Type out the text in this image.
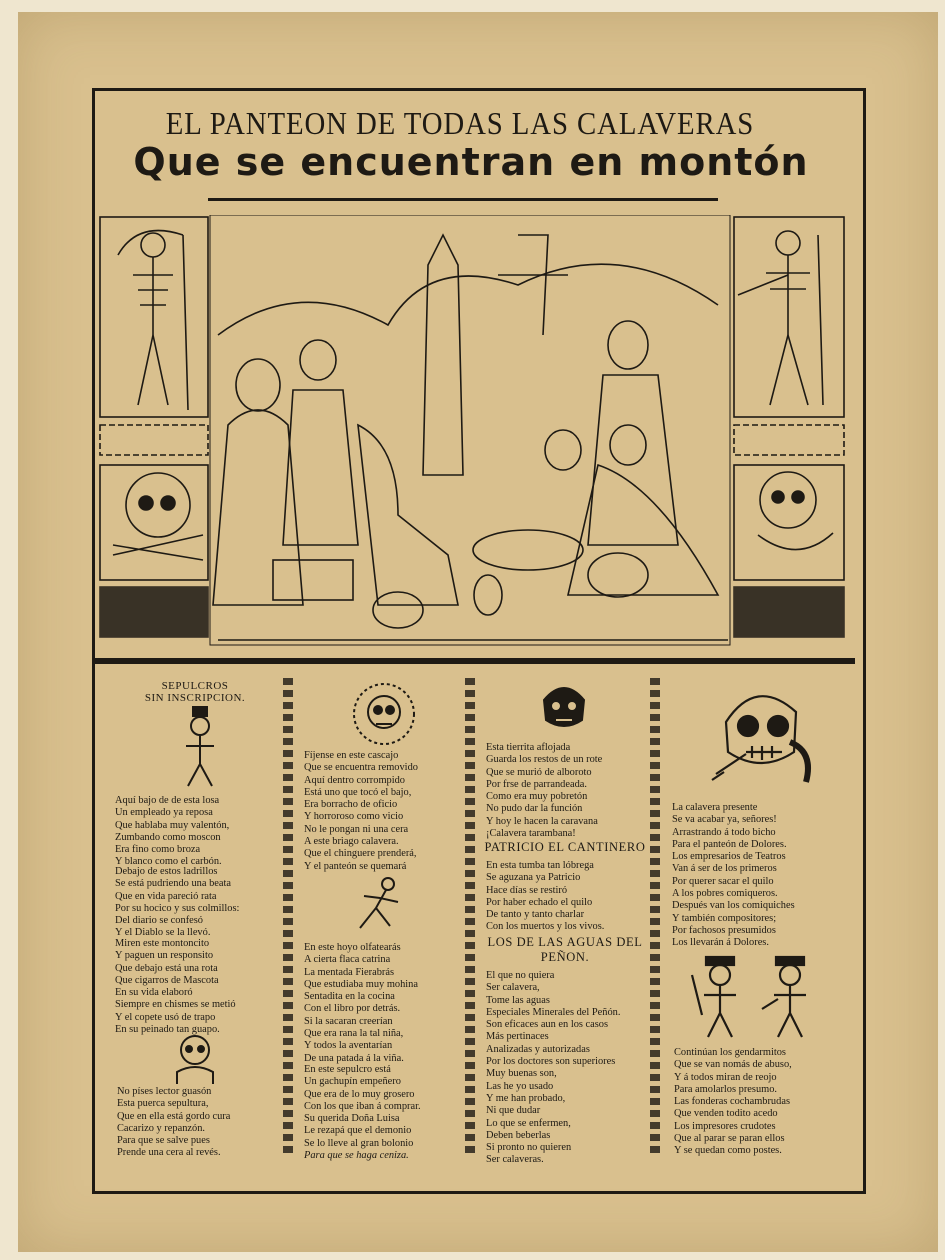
EL PANTEON DE TODAS LAS CALAVERAS
Que se encuentran en montón
SEPULCROS
SIN INSCRIPCION.
Aquí bajo de de esta losa
Un empleado ya reposa
Que hablaba muy valentón,
Zumbando como moscon
Era fino como broza
Y blanco como el carbón.
Debajo de estos ladrillos
Se está pudriendo una beata
Que en vida pareció rata
Por su hocico y sus colmillos:
Del diario se confesó
Y el Diablo se la llevó.
Miren este montoncito
Y paguen un responsito
Que debajo está una rota
Que cigarros de Mascota
En su vida elaboró
Siempre en chismes se metió
Y el copete usó de trapo
En su peinado tan guapo.
No píses lector guasón
Esta puerca sepultura,
Que en ella está gordo cura
Cacarizo y repanzón.
Para que se salve pues
Prende una cera al revés.
Fíjense en este cascajo
Que se encuentra removido
Aquí dentro corrompido
Está uno que tocó el bajo,
Era borracho de oficio
Y horroroso como vicio
No le pongan ni una cera
A este briago calavera.
Que el chinguere prenderá,
Y el panteón se quemará
En este hoyo olfatearás
A cierta flaca catrina
La mentada Fierabrás
Que estudiaba muy mohina
Sentadita en la cocina
Con el libro por detrás.
Si la sacaran creerían
Que era rana la tal niña,
Y todos la aventarían
De una patada á la viña.
En este sepulcro está
Un gachupín empeñero
Que era de lo muy grosero
Con los que iban á comprar.
Su querida Doña Luisa
Le rezapá que el demonio
Se lo lleve al gran bolonio
Para que se haga ceniza.
Esta tierrita aflojada
Guarda los restos de un rote
Que se murió de alboroto
Por frse de parrandeada.
Como era muy pobretón
No pudo dar la función
Y hoy le hacen la caravana
¡Calavera tarambana!
PATRICIO EL CANTINERO
En esta tumba tan lóbrega
Se aguzana ya Patricio
Hace días se restiró
Por haber echado el quilo
De tanto y tanto charlar
Con los muertos y los vivos.
LOS DE LAS AGUAS DEL
PEÑON.
El que no quiera
Ser calavera,
Tome las aguas
Especiales Minerales del Peñón.
Son eficaces aun en los casos
Más pertinaces
Analizadas y autorizadas
Por los doctores son superiores
Muy buenas son,
Las he yo usado
Y me han probado,
Ni que dudar
Lo que se enfermen,
Deben beberlas
Si pronto no quieren
Ser calaveras.
La calavera presente
Se va acabar ya, señores!
Arrastrando á todo bicho
Para el panteón de Dolores.
Los empresarios de Teatros
Van á ser de los primeros
Por querer sacar el quilo
A los pobres comiqueros.
Después van los comiquiches
Y también compositores;
Por fachosos presumidos
Los llevarán á Dolores.
Continúan los gendarmitos
Que se van nomás de abuso,
Y á todos miran de reojo
Para amolarlos presumo.
Las fonderas cochambrudas
Que venden todito acedo
Los impresores crudotes
Que al parar se paran ellos
Y se quedan como postes.
